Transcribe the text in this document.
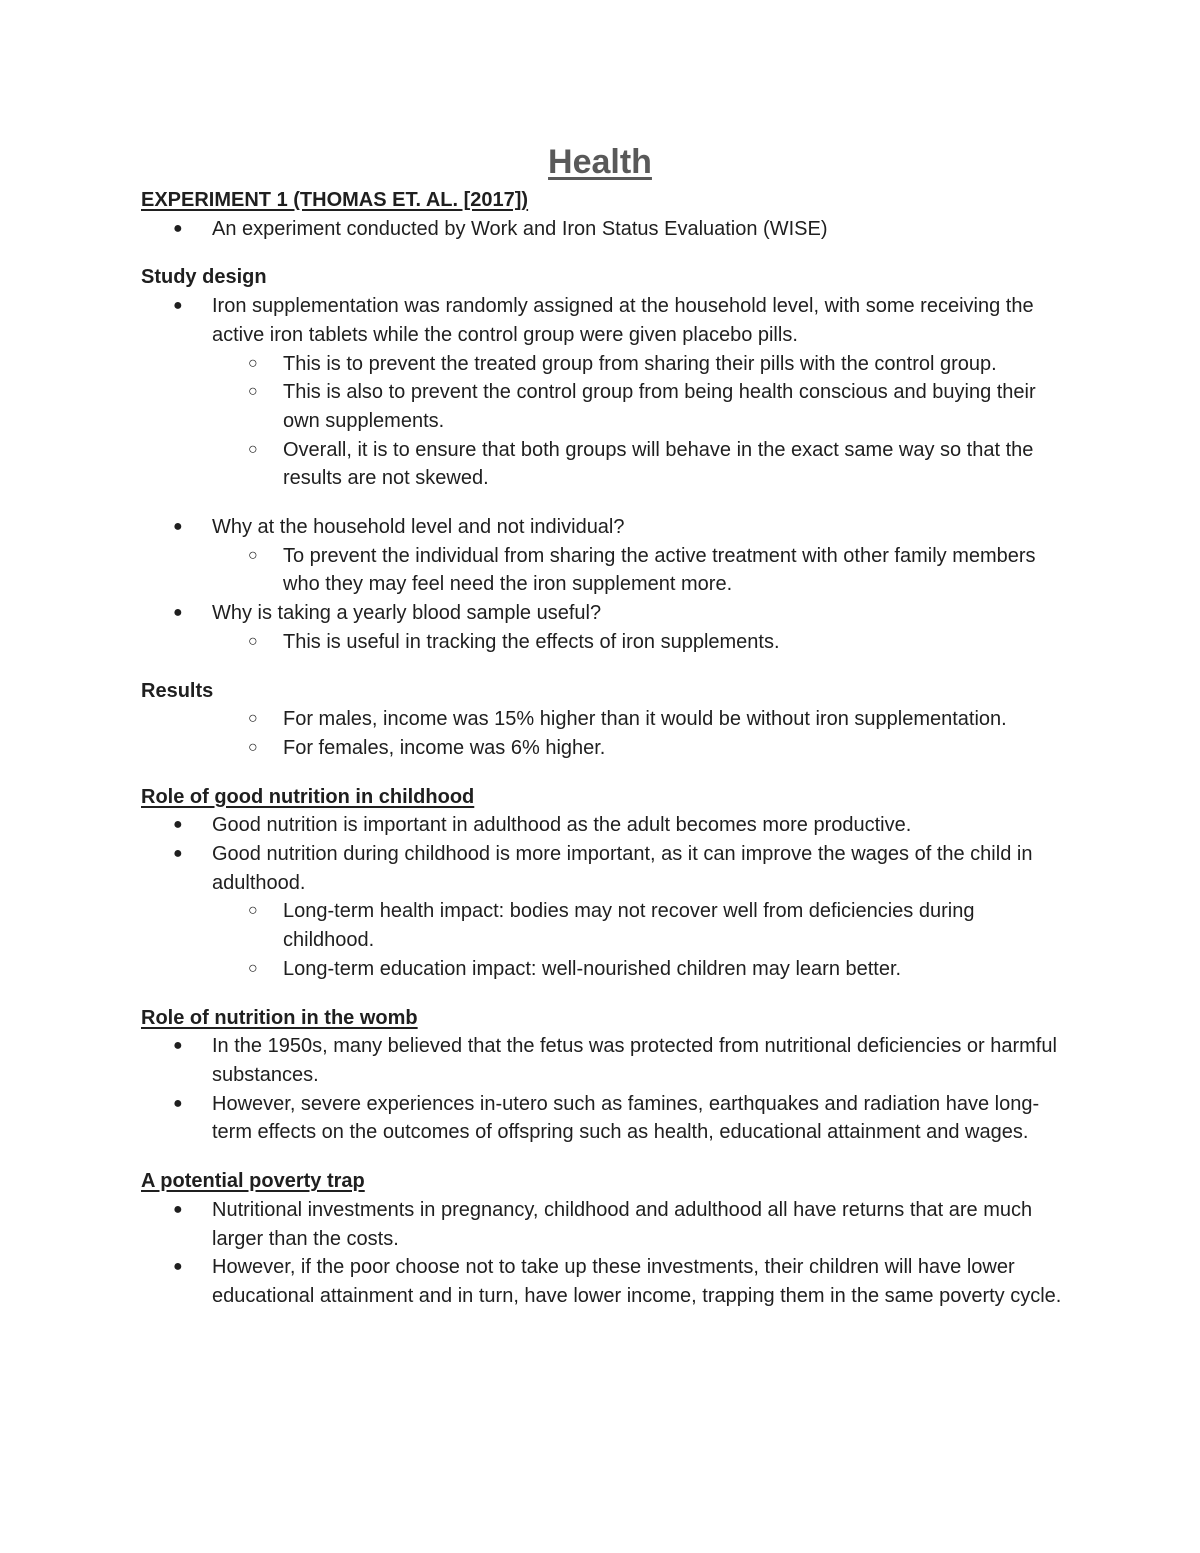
Health

EXPERIMENT 1 (THOMAS ET. AL. [2017])

● An experiment conducted by Work and Iron Status Evaluation (WISE)

Study design

● Iron supplementation was randomly assigned at the household level, with some receiving the active iron tablets while the control group were given placebo pills.
○ This is to prevent the treated group from sharing their pills with the control group.
○ This is also to prevent the control group from being health conscious and buying their own supplements.
○ Overall, it is to ensure that both groups will behave in the exact same way so that the results are not skewed.
● Why at the household level and not individual?
○ To prevent the individual from sharing the active treatment with other family members who they may feel need the iron supplement more.
● Why is taking a yearly blood sample useful?
○ This is useful in tracking the effects of iron supplements.

Results

○ For males, income was 15% higher than it would be without iron supplementation.
○ For females, income was 6% higher.

Role of good nutrition in childhood

● Good nutrition is important in adulthood as the adult becomes more productive.
● Good nutrition during childhood is more important, as it can improve the wages of the child in adulthood.
○ Long-term health impact: bodies may not recover well from deficiencies during childhood.
○ Long-term education impact: well-nourished children may learn better.

Role of nutrition in the womb

● In the 1950s, many believed that the fetus was protected from nutritional deficiencies or harmful substances.
● However, severe experiences in-utero such as famines, earthquakes and radiation have long-term effects on the outcomes of offspring such as health, educational attainment and wages.

A potential poverty trap

● Nutritional investments in pregnancy, childhood and adulthood all have returns that are much larger than the costs.
● However, if the poor choose not to take up these investments, their children will have lower educational attainment and in turn, have lower income, trapping them in the same poverty cycle.
